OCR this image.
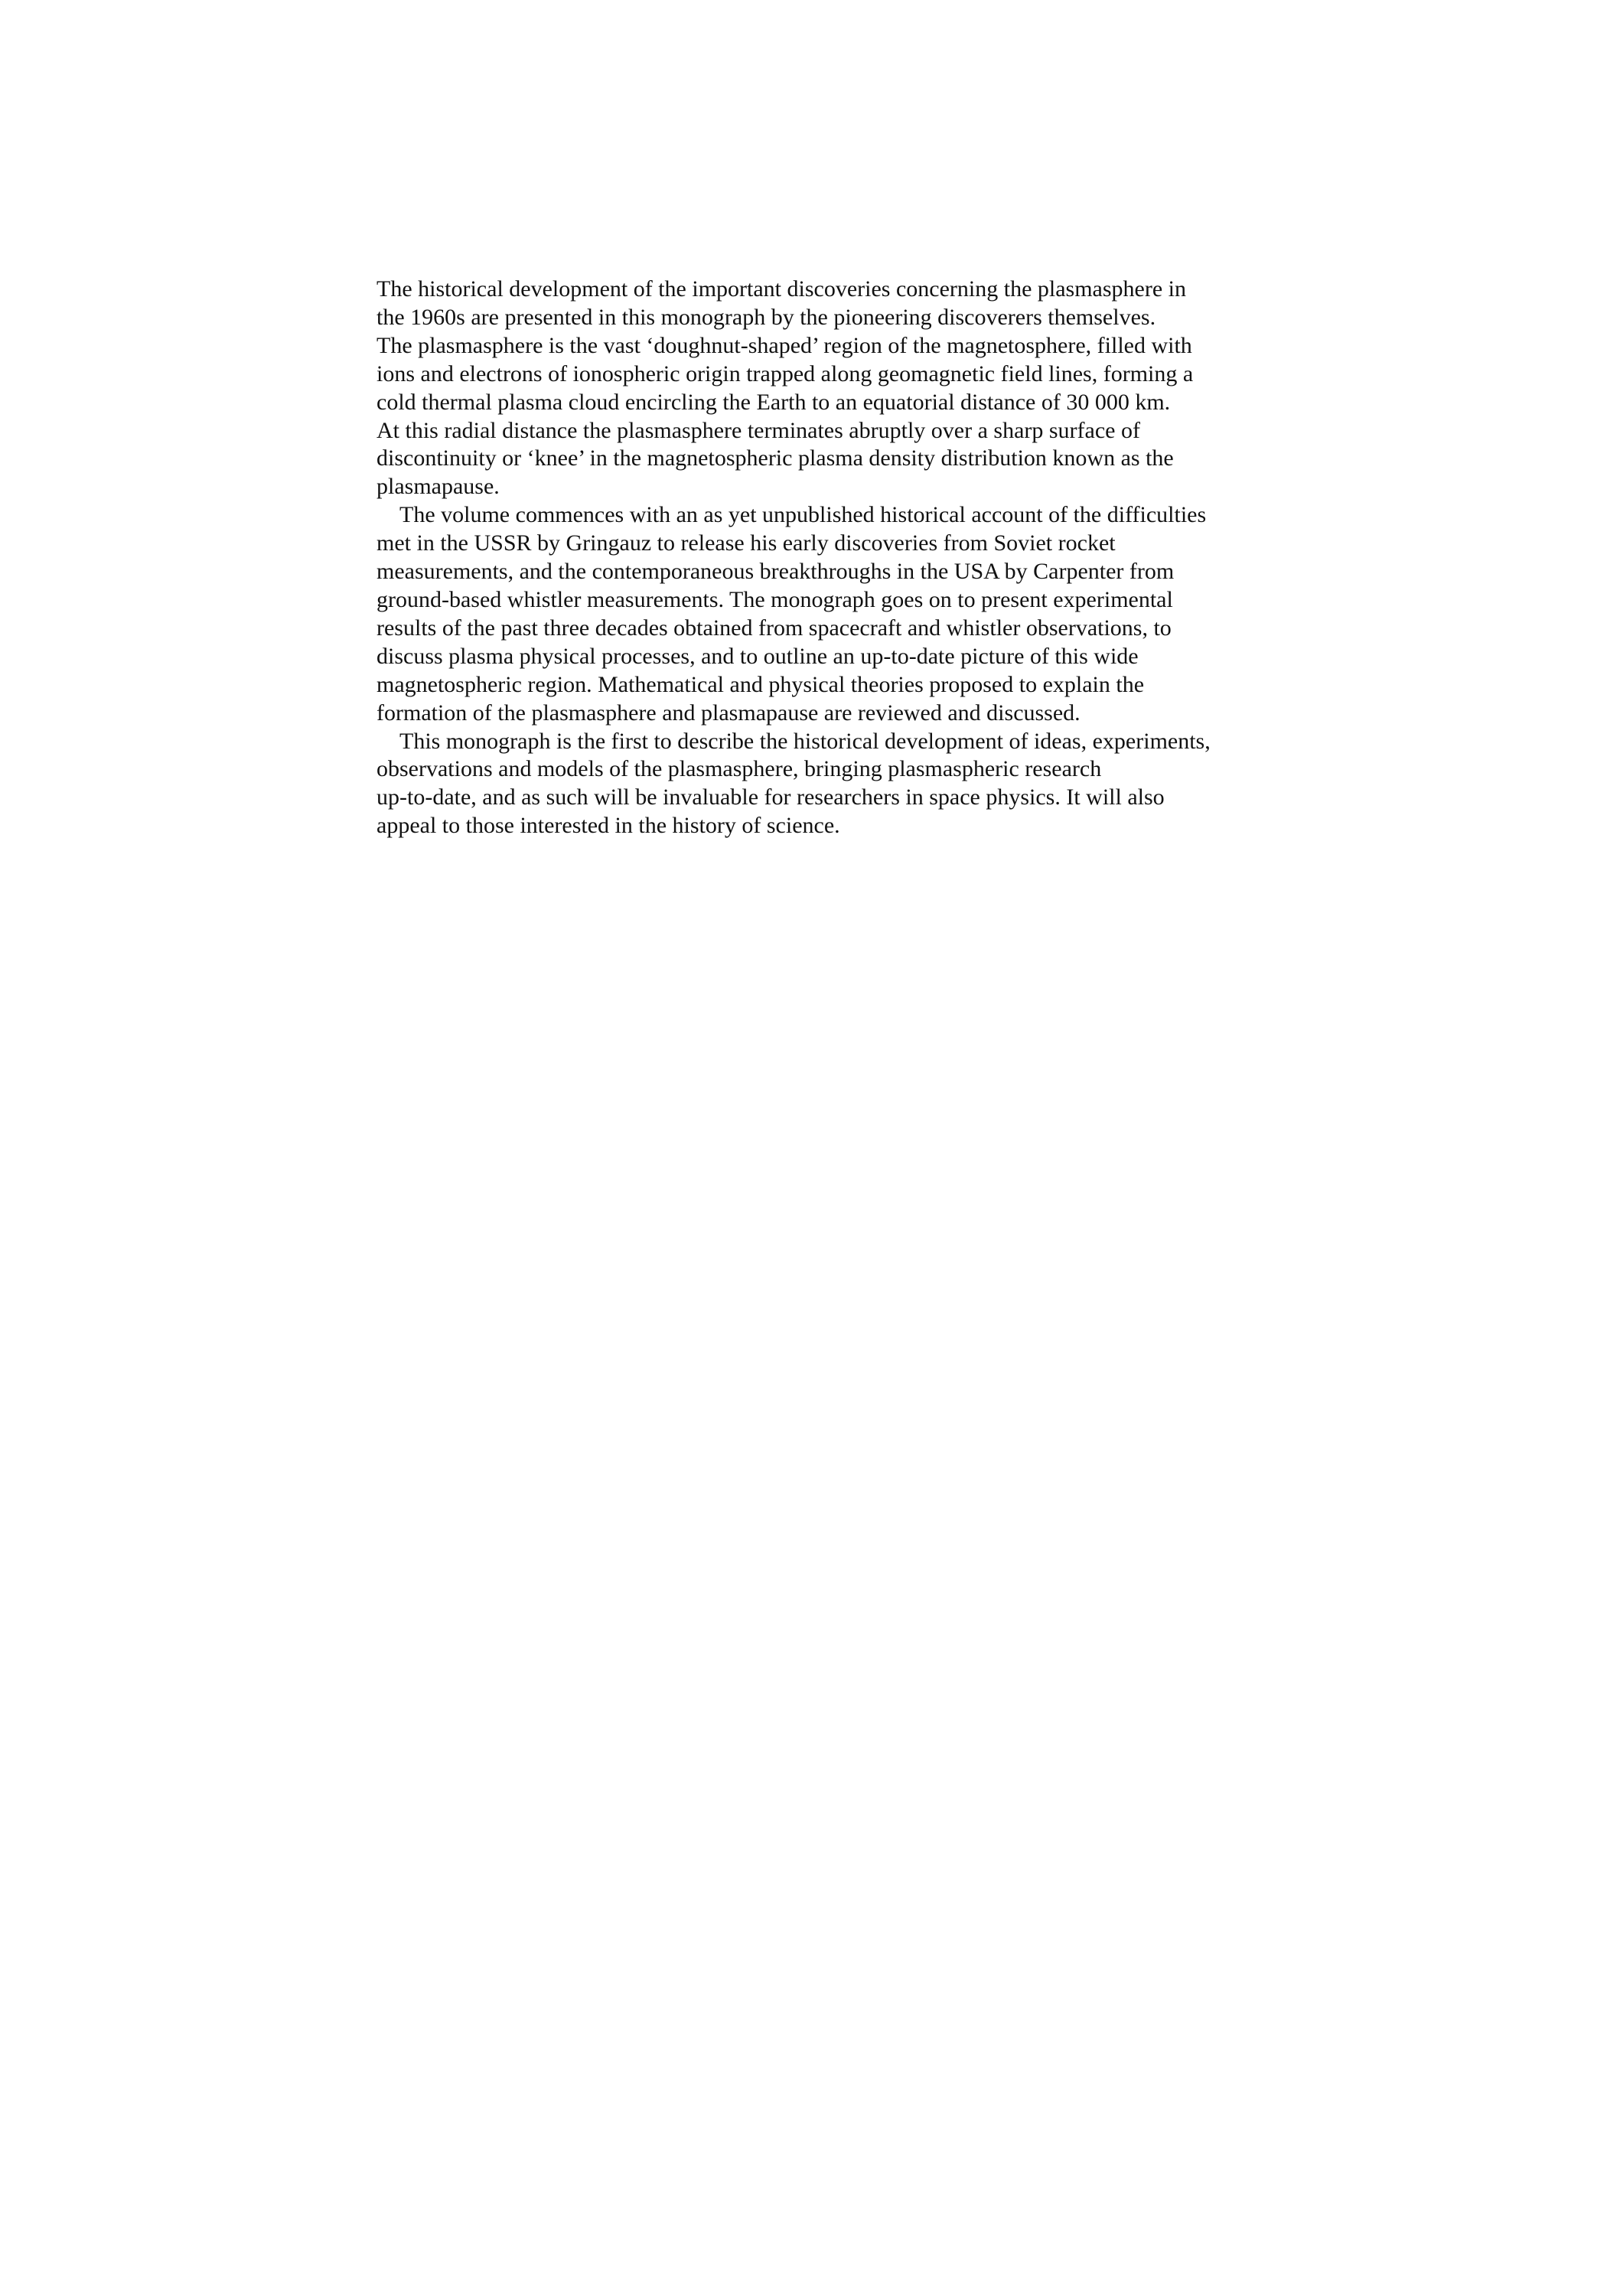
The historical development of the important discoveries concerning the plasmasphere in
the 1960s are presented in this monograph by the pioneering discoverers themselves.
The plasmasphere is the vast ‘doughnut-shaped’ region of the magnetosphere, filled with
ions and electrons of ionospheric origin trapped along geomagnetic field lines, forming a
cold thermal plasma cloud encircling the Earth to an equatorial distance of 30 000 km.
At this radial distance the plasmasphere terminates abruptly over a sharp surface of
discontinuity or ‘knee’ in the magnetospheric plasma density distribution known as the
plasmapause.
The volume commences with an as yet unpublished historical account of the difficulties
met in the USSR by Gringauz to release his early discoveries from Soviet rocket
measurements, and the contemporaneous breakthroughs in the USA by Carpenter from
ground-based whistler measurements. The monograph goes on to present experimental
results of the past three decades obtained from spacecraft and whistler observations, to
discuss plasma physical processes, and to outline an up-to-date picture of this wide
magnetospheric region. Mathematical and physical theories proposed to explain the
formation of the plasmasphere and plasmapause are reviewed and discussed.
This monograph is the first to describe the historical development of ideas, experiments,
observations and models of the plasmasphere, bringing plasmaspheric research
up-to-date, and as such will be invaluable for researchers in space physics. It will also
appeal to those interested in the history of science.
